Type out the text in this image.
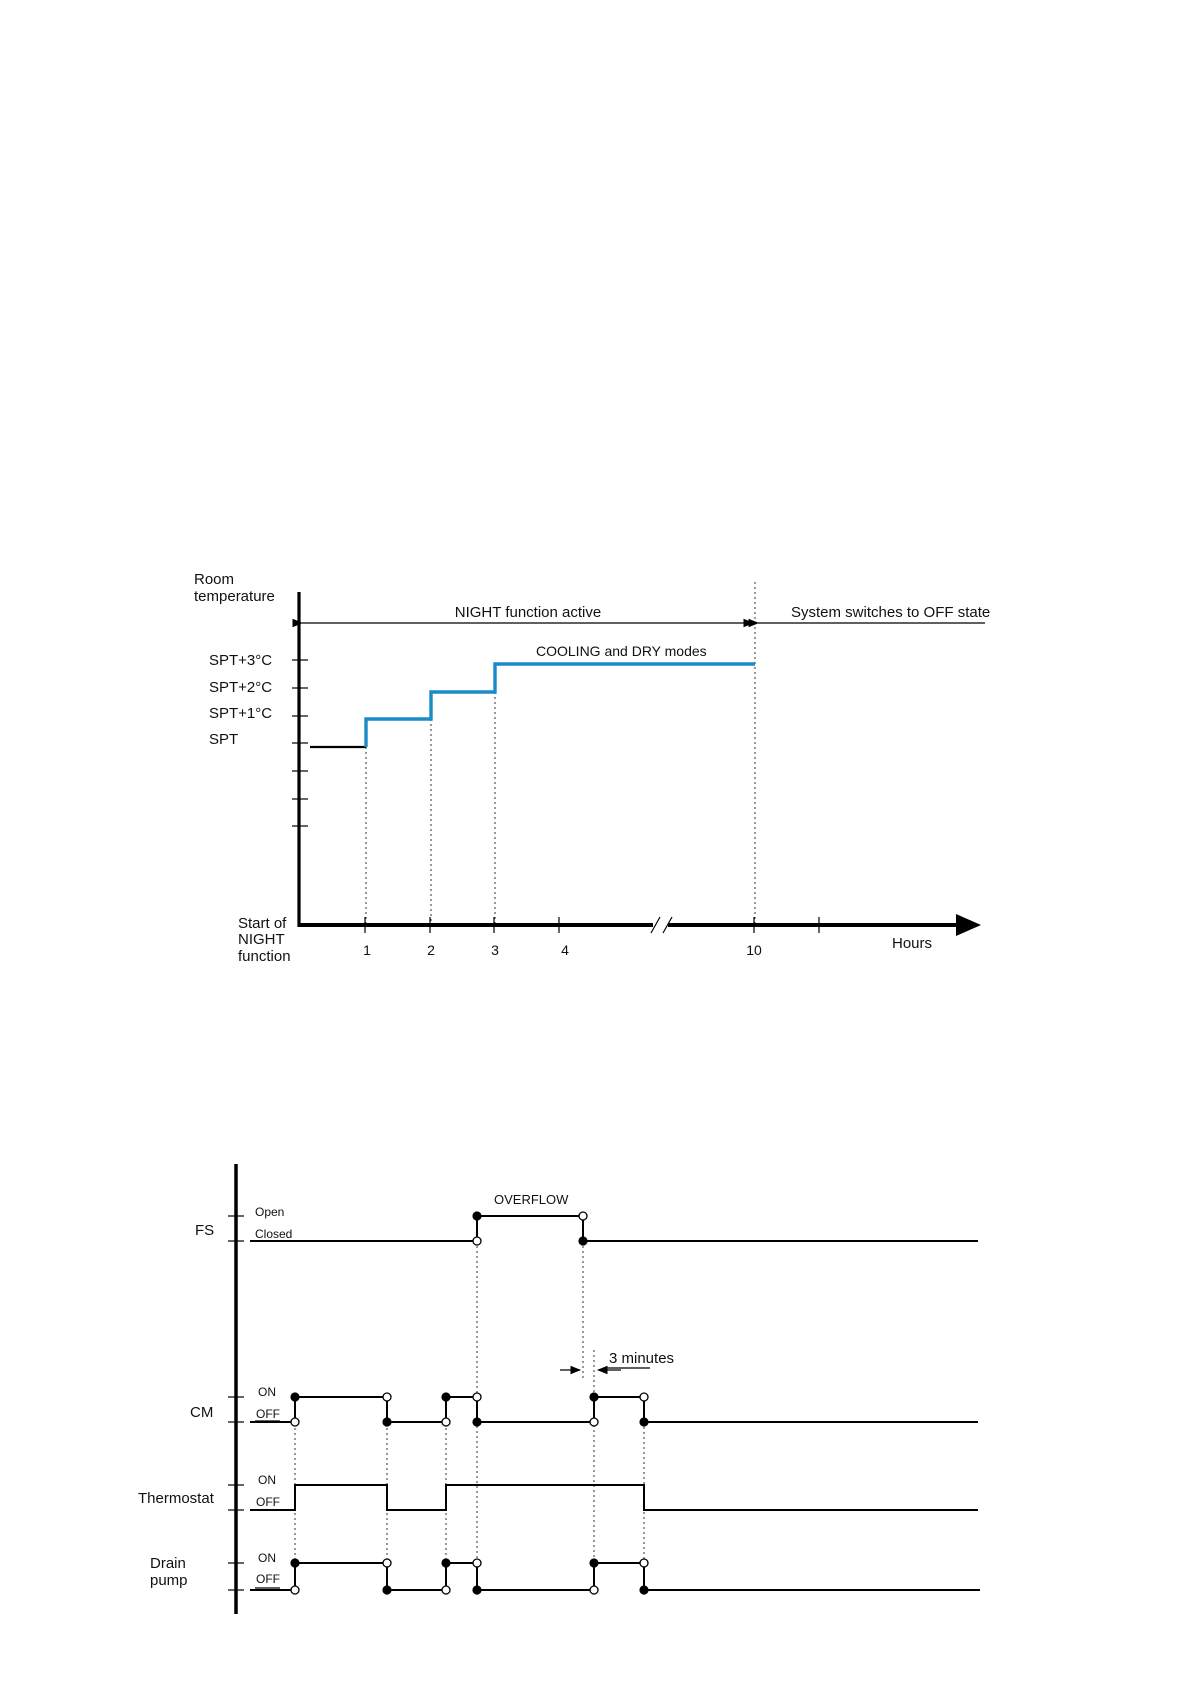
Room
temperature
SPT+3°C
SPT+2°C
SPT+1°C
SPT
1	2	3	4	10	Hours
Start of
NIGHT
function
NIGHT function active	System switches to OFF state
COOLING and DRY modes
FS
CM
Thermostat
Drain
pump
Open
Closed
ON
OFF
ON
OFF
ON
OFF
OVERFLOW
3 minutes
